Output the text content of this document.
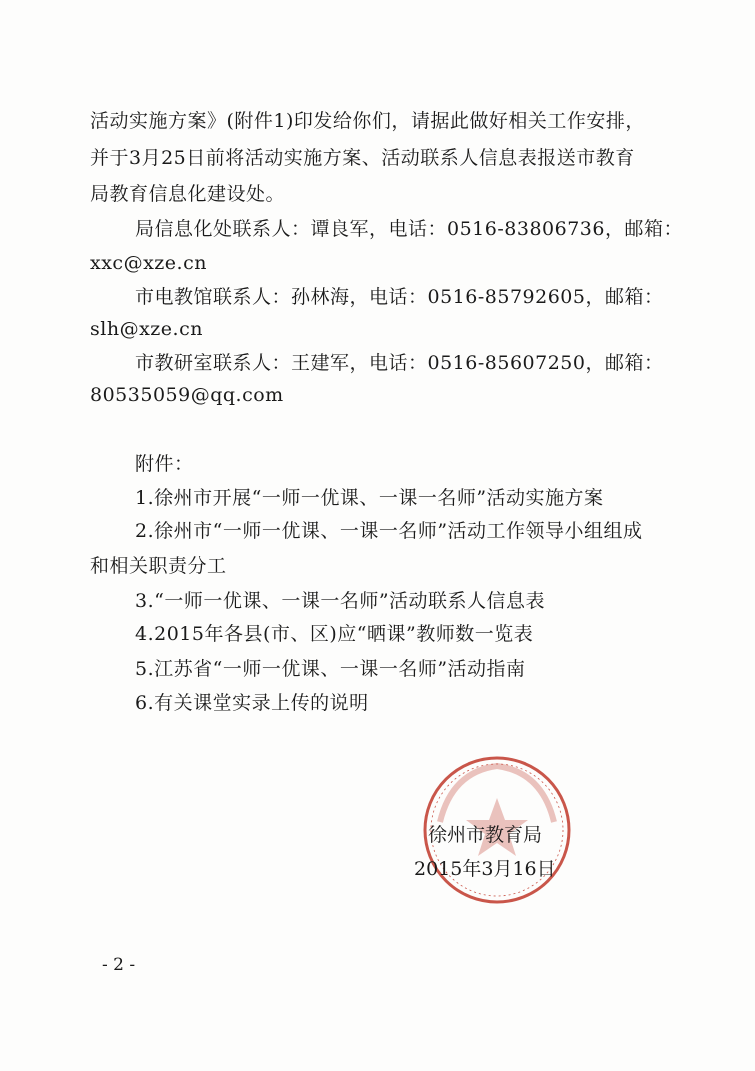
活动实施方案》(附件1)印发给你们，请据此做好相关工作安排，
并于3月25日前将活动实施方案、活动联系人信息表报送市教育
局教育信息化建设处。
局信息化处联系人：谭良军，电话：0516-83806736，邮箱：
xxc@xze.cn
市电教馆联系人：孙林海，电话：0516-85792605，邮箱：
slh@xze.cn
市教研室联系人：王建军，电话：0516-85607250，邮箱：
80535059@qq.com
附件：
1.徐州市开展“一师一优课、一课一名师”活动实施方案
2.徐州市“一师一优课、一课一名师”活动工作领导小组组成
和相关职责分工
3.“一师一优课、一课一名师”活动联系人信息表
4.2015年各县(市、区)应“晒课”教师数一览表
5.江苏省“一师一优课、一课一名师”活动指南
6.有关课堂实录上传的说明
徐州市教育局
2015年3月16日
- 2 -
